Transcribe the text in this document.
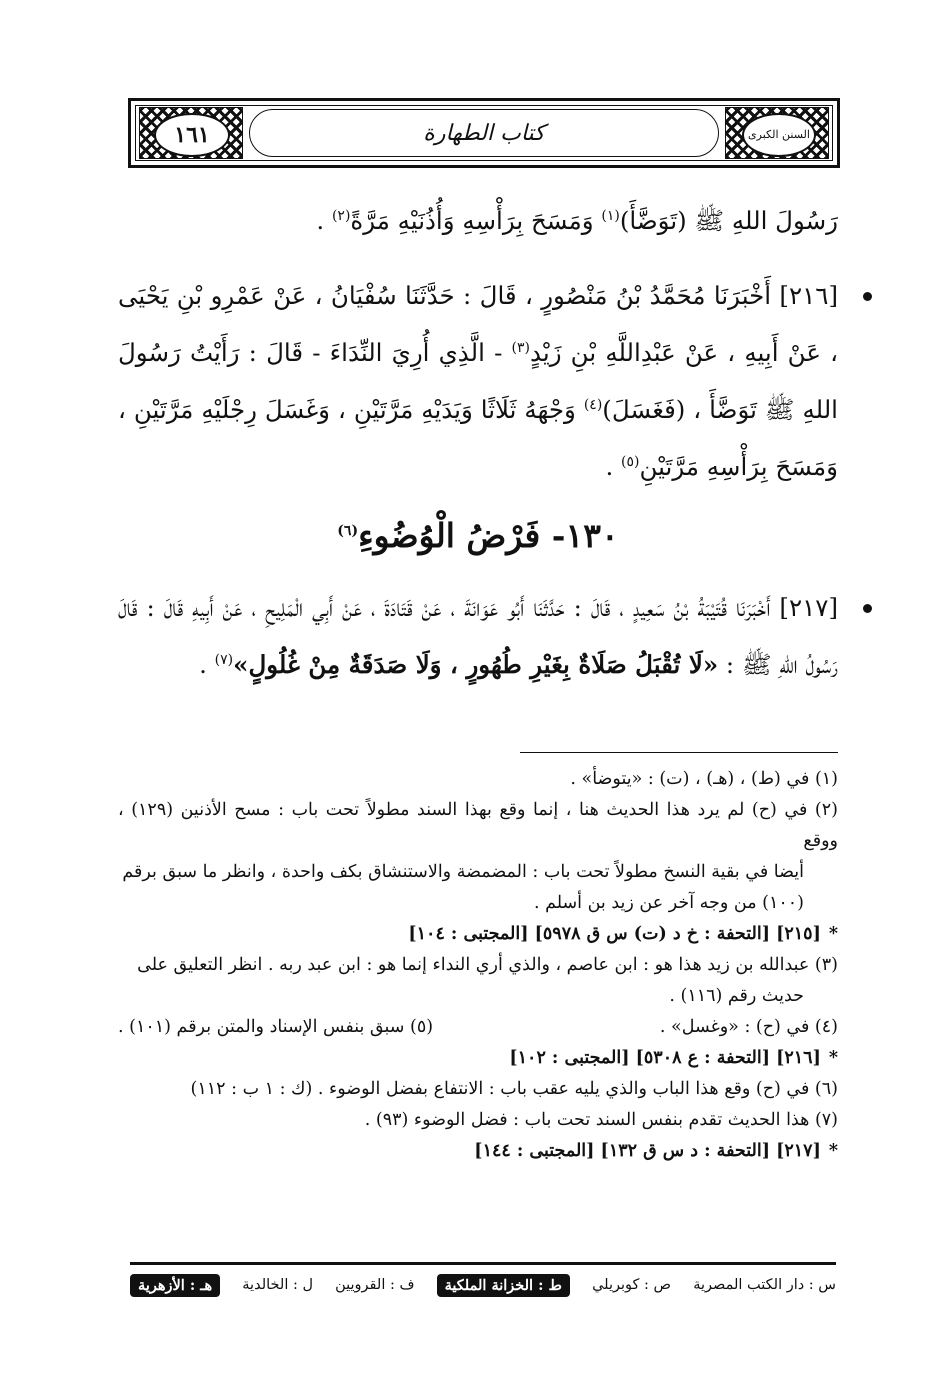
١٦١	كتاب الطهارة	السنن الكبرى
رَسُولَ اللهِ ﷺ (تَوَضَّأَ)$^{(١)}$ وَمَسَحَ بِرَأْسِهِ وَأُذُنَيْهِ مَرَّةً$^{(٢)}$ .
[٢١٦] أَخْبَرَنَا مُحَمَّدُ بْنُ مَنْصُورٍ ، قَالَ : حَدَّثَنَا سُفْيَانُ ، عَنْ عَمْرِو بْنِ يَحْيَى ، عَنْ أَبِيهِ ، عَنْ عَبْدِاللَّهِ بْنِ زَيْدٍ$^{(٣)}$ - الَّذِي أُرِيَ النِّدَاءَ - قَالَ : رَأَيْتُ رَسُولَ اللهِ ﷺ تَوَضَّأَ ، (فَغَسَلَ)$^{(٤)}$ وَجْهَهُ ثَلَاثًا وَيَدَيْهِ مَرَّتَيْنِ ، وَغَسَلَ رِجْلَيْهِ مَرَّتَيْنِ ، وَمَسَحَ بِرَأْسِهِ مَرَّتَيْنِ$^{(٥)}$ .
١٣٠- فَرْضُ الْوُضُوءِ$^{(٦)}$
[٢١٧] أَخْبَرَنَا قُتَيْبَةُ بْنُ سَعِيدٍ ، قَالَ : حَدَّثَنَا أَبُو عَوَانَةَ ، عَنْ قَتَادَةَ ، عَنْ أَبِي الْمَلِيحِ ، عَنْ أَبِيهِ قَالَ : قَالَ رَسُولُ اللهِ ﷺ : «لَا تُقْبَلُ صَلَاةٌ بِغَيْرِ طُهُورٍ ، وَلَا صَدَقَةٌ مِنْ غُلُولٍ»$^{(٧)}$ .

(١) في (ط) ، (هـ) ، (ت) : «يتوضأ» .

(٢) في (ح) لم يرد هذا الحديث هنا ، إنما وقع بهذا السند مطولاً تحت باب : مسح الأذنين (١٢٩) ، ووقع
أيضا في بقية النسخ مطولاً تحت باب : المضمضة والاستنشاق بكف واحدة ، وانظر ما سبق برقم
(١٠٠) من وجه آخر عن زيد بن أسلم .

*[٢١٥] [التحفة : خ د (ت) س ق ٥٩٧٨] [المجتبى : ١٠٤]

(٣) عبدالله بن زيد هذا هو : ابن عاصم ، والذي أري النداء إنما هو : ابن عبد ربه . انظر التعليق على
حديث رقم (١١٦) .

(٤) في (ح) : «وغسل» .
(٥) سبق بنفس الإسناد والمتن برقم (١٠١) .

*[٢١٦] [التحفة : ع ٥٣٠٨] [المجتبى : ١٠٢]

(٦) في (ح) وقع هذا الباب والذي يليه عقب باب : الانتفاع بفضل الوضوء . (ك : ١ ب : ١١٢)

(٧) هذا الحديث تقدم بنفس السند تحت باب : فضل الوضوء (٩٣) .

*[٢١٧] [التحفة : د س ق ١٣٢] [المجتبى : ١٤٤]

س : دار الكتب المصرية
ص : كوبريلي
ط : الخزانة الملكية
ف : القرويين
ل : الخالدية
هـ : الأزهرية
